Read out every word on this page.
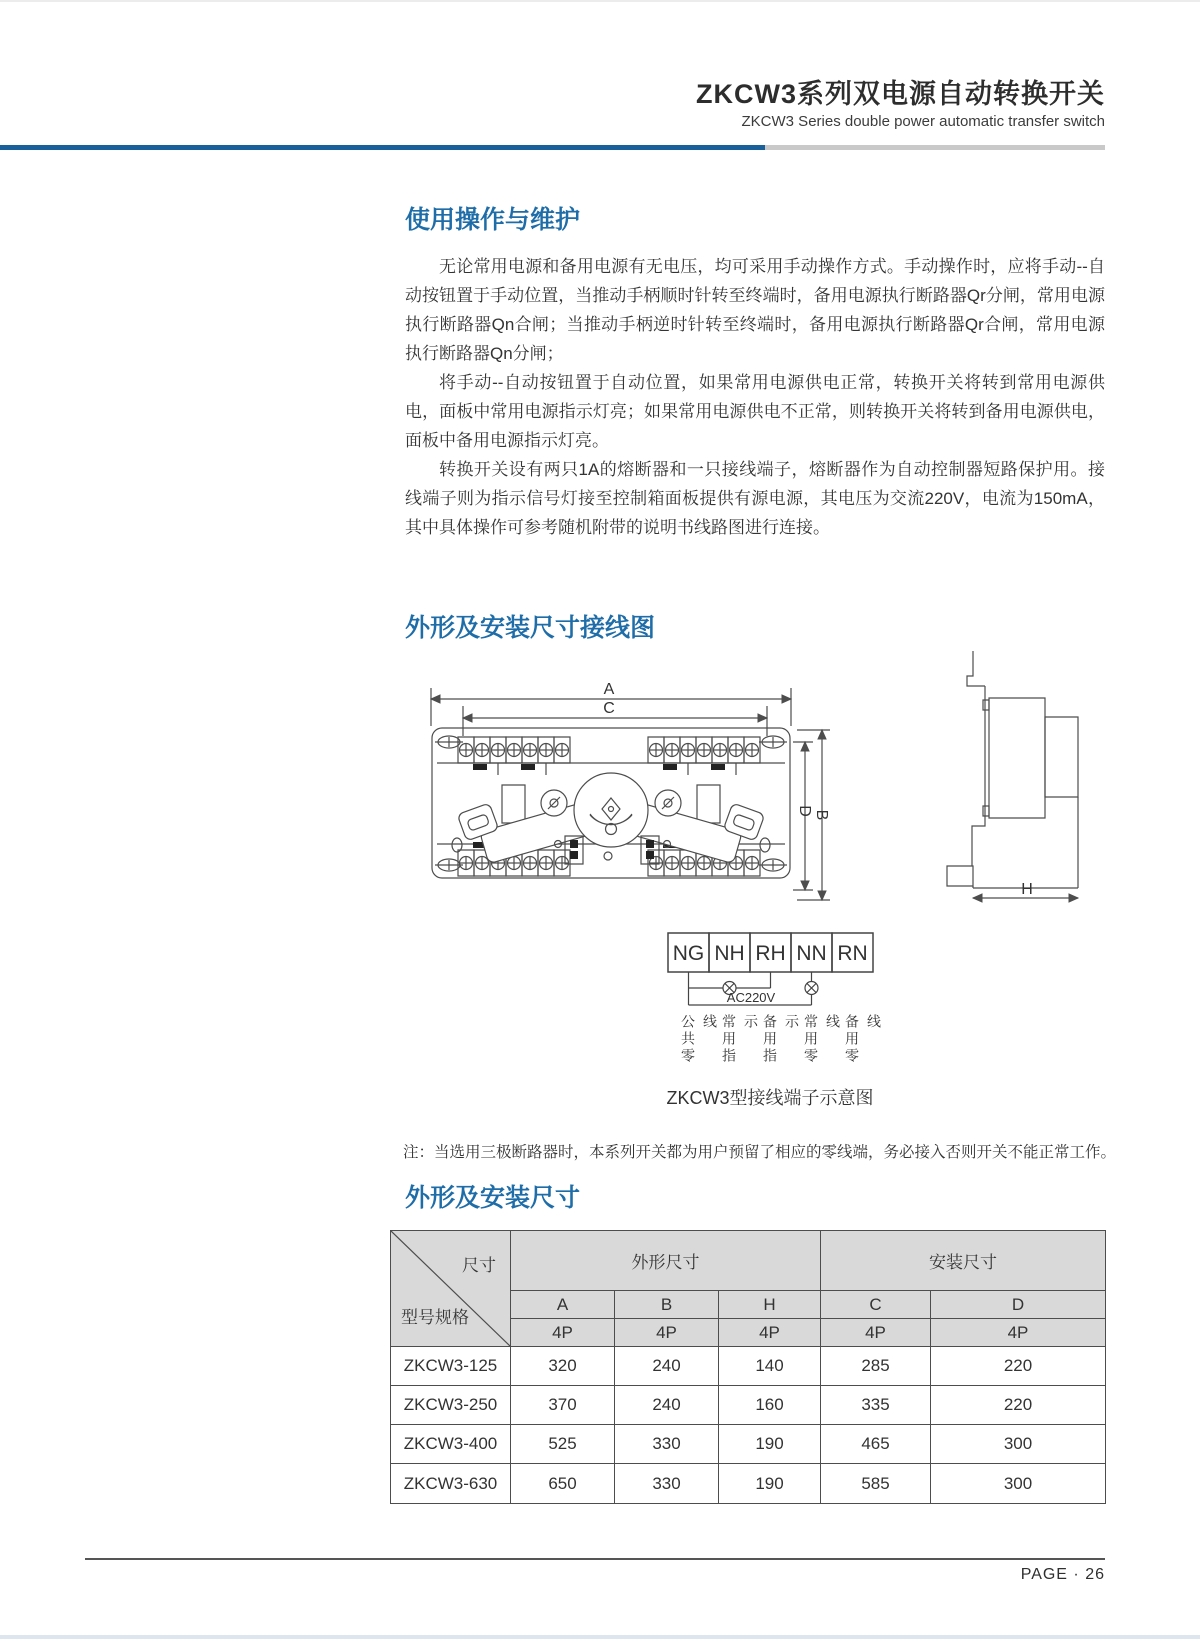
ZKCW3系列双电源自动转换开关
ZKCW3 Series double power automatic transfer switch
使用操作与维护

无论常用电源和备用电源有无电压，均可采用手动操作方式。手动操作时，应将手动--自动按钮置于手动位置，当推动手柄顺时针转至终端时，备用电源执行断路器Qr分闸，常用电源执行断路器Qn合闸；当推动手柄逆时针转至终端时，备用电源执行断路器Qr合闸，常用电源执行断路器Qn分闸；

将手动--自动按钮置于自动位置，如果常用电源供电正常，转换开关将转到常用电源供电，面板中常用电源指示灯亮；如果常用电源供电不正常，则转换开关将转到备用电源供电，面板中备用电源指示灯亮。

转换开关设有两只1A的熔断器和一只接线端子，熔断器作为自动控制器短路保护用。接线端子则为指示信号灯接至控制箱面板提供有源电源，其电压为交流220V，电流为150mA，其中具体操作可参考随机附带的说明书线路图进行连接。

外形及安装尺寸接线图
A
C
D B
H
NG NH RH NN RN
AC220V
公共零线 常用指示 备用指示 常用零线 备用零线
ZKCW3型接线端子示意图
注：当选用三极断路器时，本系列开关都为用户预留了相应的零线端，务必接入否则开关不能正常工作。
外形及安装尺寸
尺寸
型号规格	外形尺寸			安装尺寸	
	A	B	H	C	D
	4P	4P	4P	4P	4P
ZKCW3-125	320	240	140	285	220
ZKCW3-250	370	240	160	335	220
ZKCW3-400	525	330	190	465	300
ZKCW3-630	650	330	190	585	300
PAGE · 26
